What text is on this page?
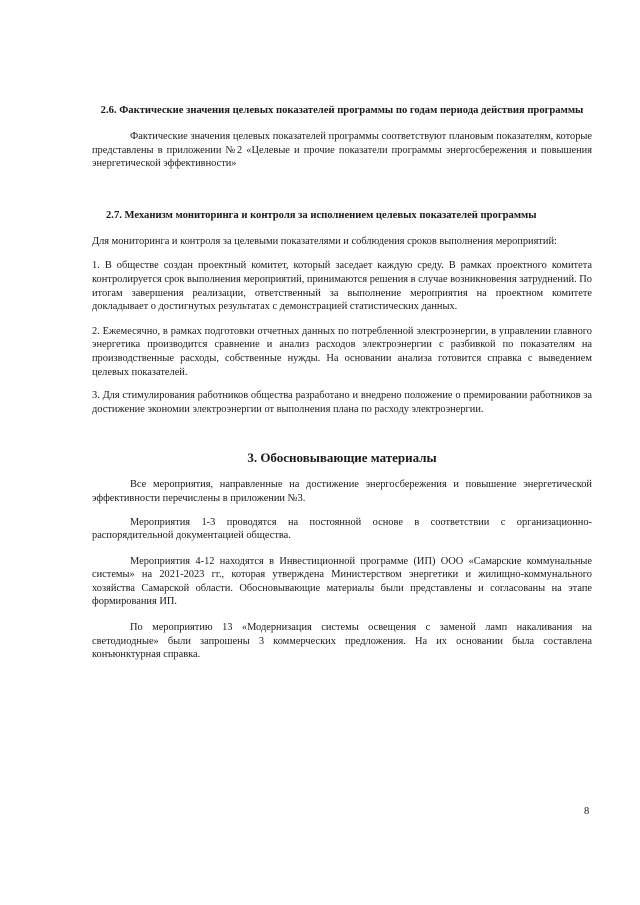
2.6. Фактические значения целевых показателей программы по годам периода действия программы

Фактические значения целевых показателей программы соответствуют плановым показателям, которые представлены в приложении №2 «Целевые и прочие показатели программы энергосбережения и повышения энергетической эффективности»

2.7. Механизм мониторинга и контроля за исполнением целевых показателей программы

Для мониторинга и контроля за целевыми показателями и соблюдения сроков выполнения мероприятий:

1. В обществе создан проектный комитет, который заседает каждую среду. В рамках проектного комитета контролируется срок выполнения мероприятий, принимаются решения в случае возникновения затруднений. По итогам завершения реализации, ответственный за выполнение мероприятия на проектном комитете докладывает о достигнутых результатах с демонстрацией статистических данных.

2. Ежемесячно, в рамках подготовки отчетных данных по потребленной электроэнергии, в управлении главного энергетика производится сравнение и анализ расходов электроэнергии с разбивкой по показателям на производственные расходы, собственные нужды. На основании анализа готовится справка с выведением целевых показателей.

3. Для стимулирования работников общества разработано и внедрено положение о премировании работников за достижение экономии электроэнергии от выполнения плана по расходу электроэнергии.

3. Обосновывающие материалы

Все мероприятия, направленные на достижение энергосбережения и повышение энергетической эффективности перечислены в приложении №3.

Мероприятия 1-3 проводятся на постоянной основе в соответствии с организационно-распорядительной документацией общества.

Мероприятия 4-12 находятся в Инвестиционной программе (ИП) ООО «Самарские коммунальные системы» на 2021-2023 гг., которая утверждена Министерством энергетики и жилищно-коммунального хозяйства Самарской области. Обосновывающие материалы были представлены и согласованы на этапе формирования ИП.

По мероприятию 13 «Модернизация системы освещения с заменой ламп накаливания на светодиодные» были запрошены 3 коммерческих предложения. На их основании была составлена конъюнктурная справка.

8
